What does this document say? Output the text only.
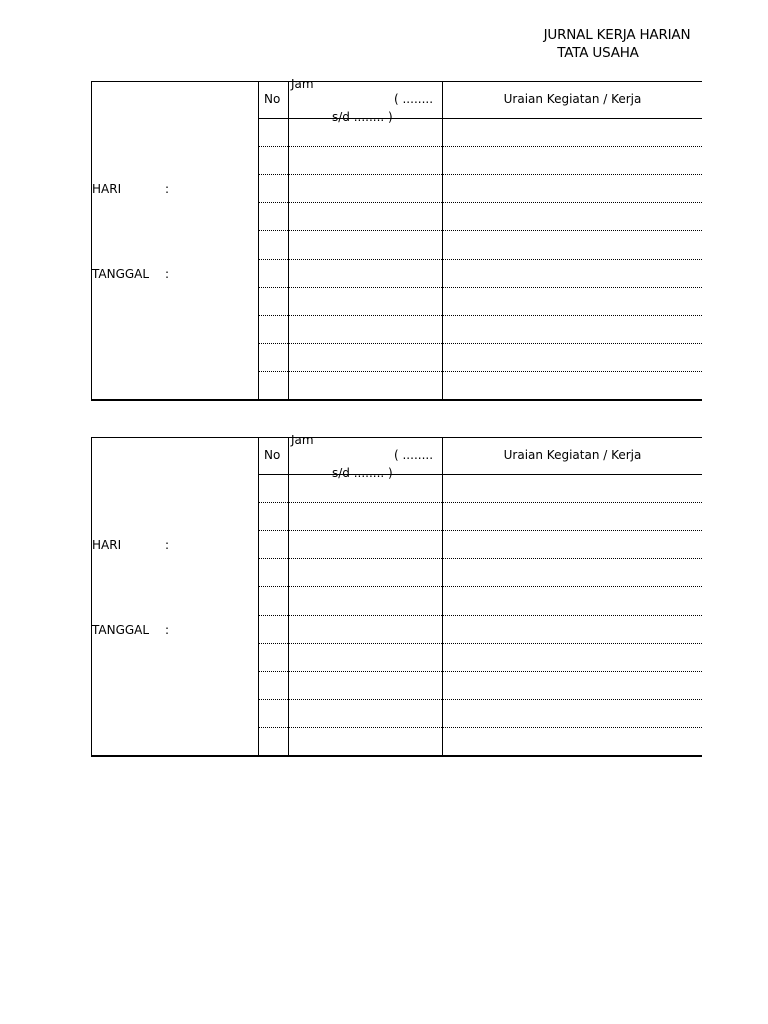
JURNAL KERJA HARIAN
TATA USAHA
No
Jam
( ........
s/d ........ )
Uraian Kegiatan / Kerja
HARI	:
TANGGAL :
No
Jam
( ........
s/d ........ )
Uraian Kegiatan / Kerja
HARI	:
TANGGAL :
